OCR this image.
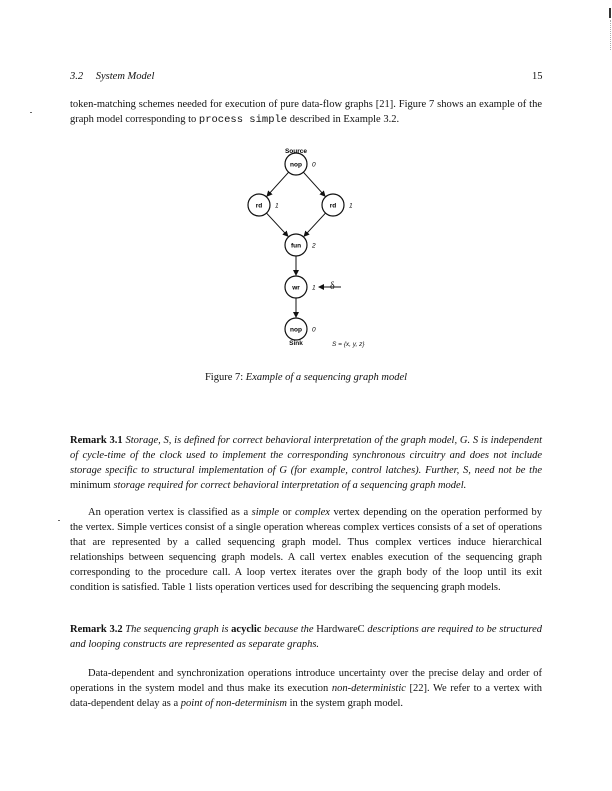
3.2 System Model	15
token-matching schemes needed for execution of pure data-flow graphs [21]. Figure 7 shows an example of the graph model corresponding to process simple described in Example 3.2.
nop 0
rd 1	rd 1
fun 2
wr 1
nop 0
Source
Sink	S = {x, y, z}
δ
Figure 7: Example of a sequencing graph model
Remark 3.1 Storage, S, is defined for correct behavioral interpretation of the graph model, G. S is independent of cycle-time of the clock used to implement the corresponding synchronous circuitry and does not include storage specific to structural implementation of G (for example, control latches). Further, S, need not be the minimum storage required for correct behavioral interpretation of a sequencing graph model.
An operation vertex is classified as a simple or complex vertex depending on the operation performed by the vertex. Simple vertices consist of a single operation whereas complex vertices consists of a set of operations that are represented by a called sequencing graph model. Thus complex vertices induce hierarchical relationships between sequencing graph models. A call vertex enables execution of the sequencing graph corresponding to the procedure call. A loop vertex iterates over the graph body of the loop until its exit condition is satisfied. Table 1 lists operation vertices used for describing the sequencing graph models.
Remark 3.2 The sequencing graph is acyclic because the HardwareC descriptions are required to be structured and looping constructs are represented as separate graphs.
Data-dependent and synchronization operations introduce uncertainty over the precise delay and order of operations in the system model and thus make its execution non-deterministic [22]. We refer to a vertex with data-dependent delay as a point of non-determinism in the system graph model.
